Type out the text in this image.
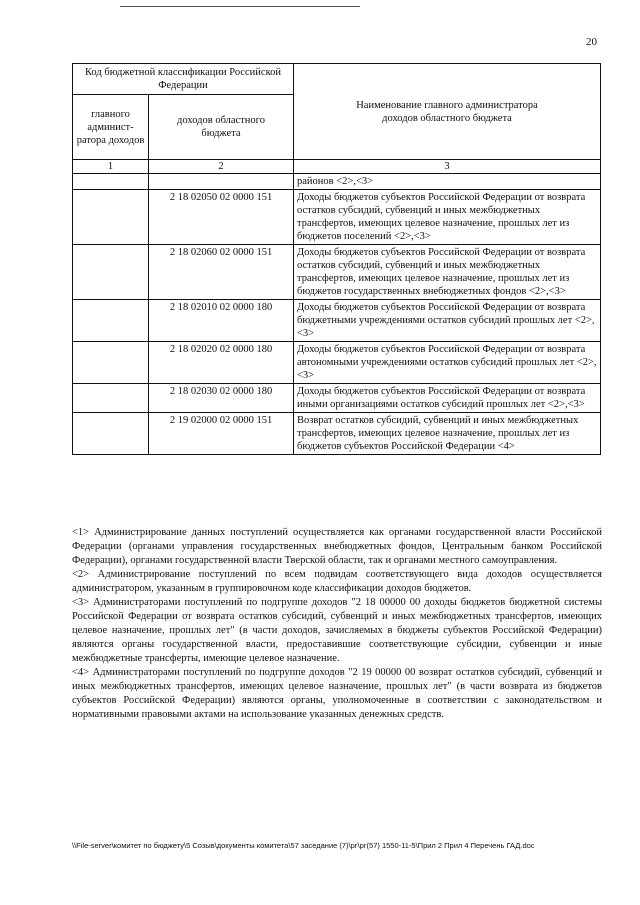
20
Код бюджетной классификации Российской Федерации		Наименование главного администратора доходов областного бюджета
главного админист-ратора доходов	доходов областного бюджета	
1	2	3
		районов <2>,<3>
	2 18 02050 02 0000 151	Доходы бюджетов субъектов Российской Федерации от возврата остатков субсидий, субвенций и иных межбюджетных трансфертов, имеющих целевое назначение, прошлых лет из бюджетов поселений <2>,<3>
	2 18 02060 02 0000 151	Доходы бюджетов субъектов Российской Федерации от возврата остатков субсидий, субвенций и иных межбюджетных трансфертов, имеющих целевое назначение, прошлых лет из бюджетов государственных внебюджетных фондов <2>,<3>
	2 18 02010 02 0000 180	Доходы бюджетов субъектов Российской Федерации от возврата бюджетными учреждениями остатков субсидий прошлых лет <2>,<3>
	2 18 02020 02 0000 180	Доходы бюджетов субъектов Российской Федерации от возврата автономными учреждениями остатков субсидий прошлых лет <2>,<3>
	2 18 02030 02 0000 180	Доходы бюджетов субъектов Российской Федерации от возврата иными организациями остатков субсидий прошлых лет <2>,<3>
	2 19 02000 02 0000 151	Возврат остатков субсидий, субвенций и иных межбюджетных трансфертов, имеющих целевое назначение, прошлых лет из бюджетов субъектов Российской Федерации <4>

<1> Администрирование данных поступлений осуществляется как органами государственной власти Российской Федерации (органами управления государственных внебюджетных фондов, Центральным банком Российской Федерации), органами государственной власти Тверской области, так и органами местного самоуправления.

<2> Администрирование поступлений по всем подвидам соответствующего вида доходов осуществляется администратором, указанным в группировочном коде классификации доходов бюджетов.

<3> Администраторами поступлений по подгруппе доходов "2 18 00000 00 доходы бюджетов бюджетной системы Российской Федерации от возврата остатков субсидий, субвенций и иных межбюджетных трансфертов, имеющих целевое назначение, прошлых лет" (в части доходов, зачисляемых в бюджеты субъектов Российской Федерации) являются органы государственной власти, предоставившие соответствующие субсидии, субвенции и иные межбюджетные трансферты, имеющие целевое назначение.

<4> Администраторами поступлений по подгруппе доходов "2 19 00000 00 возврат остатков субсидий, субвенций и иных межбюджетных трансфертов, имеющих целевое назначение, прошлых лет" (в части возврата из бюджетов субъектов Российской Федерации) являются органы, уполномоченные в соответствии с законодательством и нормативными правовыми актами на использование указанных денежных средств.

\\File-server\комитет по бюджету\5 Созыв\документы комитета\57 заседание (7)\рг\рг(57) 1550-11-5\Прил 2 Прил 4 Перечень ГАД.doc
